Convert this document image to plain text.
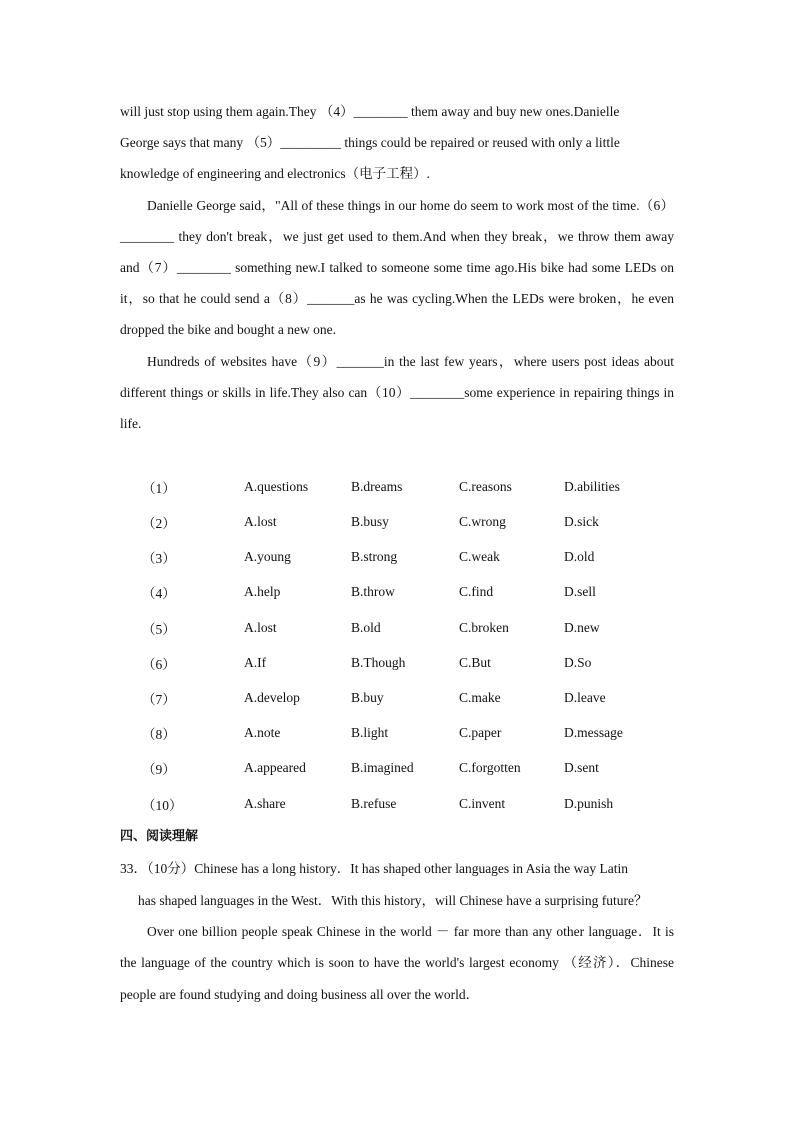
will just stop using them again.They （4）________ them away and buy new ones.Danielle
George says that many （5）_________ things could be repaired or reused with only a little
knowledge of engineering and electronics（电子工程）.

Danielle George said，"All of these things in our home do seem to work most of the time.（6）________ they don't break，we just get used to them.And when they break，we throw them away and（7）________ something new.I talked to someone some time ago.His bike had some LEDs on it，so that he could send a（8）_______as he was cycling.When the LEDs were broken，he even dropped the bike and bought a new one.

Hundreds of websites have（9）_______in the last few years，where users post ideas about different things or skills in life.They also can（10）________some experience in repairing things in life.

（1）	A.questions	B.dreams	C.reasons	D.abilities
（2）	A.lost	B.busy	C.wrong	D.sick
（3）	A.young	B.strong	C.weak	D.old
（4）	A.help	B.throw	C.find	D.sell
（5）	A.lost	B.old	C.broken	D.new
（6）	A.If	B.Though	C.But	D.So
（7）	A.develop	B.buy	C.make	D.leave
（8）	A.note	B.light	C.paper	D.message
（9）	A.appeared	B.imagined	C.forgotten	D.sent
（10）	A.share	B.refuse	C.invent	D.punish

四、阅读理解

33．（10分）Chinese has a long history．It has shaped other languages in Asia the way Latin
has shaped languages in the West．With this history，will Chinese have a surprising future？

Over one billion people speak Chinese in the world － far more than any other language．It is the language of the country which is soon to have the world's largest economy （经济）．Chinese people are found studying and doing business all over the world．
